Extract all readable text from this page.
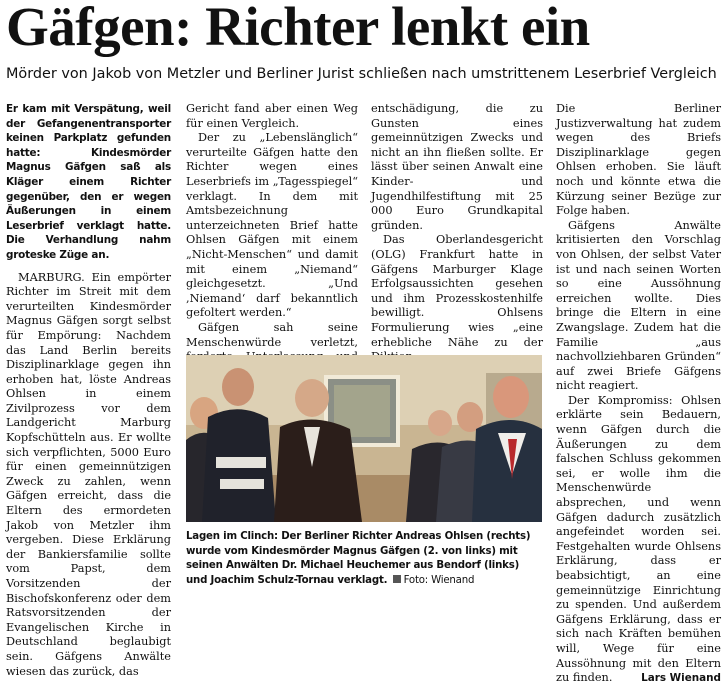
Gäfgen: Richter lenkt ein
Mörder von Jakob von Metzler und Berliner Jurist schließen nach umstrittenem Leserbrief Vergleich

Er kam mit Verspätung, weil der Gefangenentransporter keinen Parkplatz gefunden hatte: Kindesmörder Magnus Gäfgen saß als Kläger einem Richter gegenüber, den er wegen Äußerungen in einem Leserbrief verklagt hatte. Die Verhandlung nahm groteske Züge an.

MARBURG. Ein empörter Richter im Streit mit dem verurteilten Kindesmörder Magnus Gäfgen sorgt selbst für Empörung: Nachdem das Land Berlin bereits Disziplinarklage gegen ihn erhoben hat, löste Andreas Ohlsen in einem Zivilprozess vor dem Landgericht Marburg Kopfschütteln aus. Er wollte sich verpflichten, 5000 Euro für einen gemeinnützigen Zweck zu zahlen, wenn Gäfgen erreicht, dass die Eltern des ermordeten Jakob von Metzler ihm vergeben. Diese Erklärung der Bankiersfamilie sollte vom Papst, dem Vorsitzenden der Bischofskonferenz oder dem Ratsvorsitzenden der Evangelischen Kirche in Deutschland beglaubigt sein. Gäfgens Anwälte wiesen das zurück, das

Gericht fand aber einen Weg für einen Vergleich.

Der zu „Lebenslänglich“ verurteilte Gäfgen hatte den Richter wegen eines Leserbriefs im „Tagesspiegel“ verklagt. In dem mit Amtsbezeichnung unterzeichneten Brief hatte Ohlsen Gäfgen mit einem „Nicht-Menschen“ und damit mit einem „Niemand“ gleichgesetzt. „Und ,Niemand‘ darf bekanntlich gefoltert werden.“

Gäfgen sah seine Menschenwürde verletzt,

entschädigung, die zu Gunsten eines gemeinnützigen Zwecks und nicht an ihn fließen sollte. Er lässt über seinen Anwalt eine Kinder- und Jugendhilfestiftung mit 25 000 Euro Grundkapital gründen.

Das Oberlandesgericht (OLG) Frankfurt hatte in Gäfgens Marburger Klage Erfolgsaussichten gesehen und ihm Prozesskostenhilfe bewilligt. Ohlsens Formulierung wies „eine erhebliche Nähe zu der

Die Berliner Justizverwaltung hat zudem wegen des Briefs Disziplinarklage gegen Ohlsen erhoben. Sie läuft noch und könnte etwa die Kürzung seiner Bezüge zur Folge haben.

Gäfgens Anwälte kritisierten den Vorschlag von Ohlsen, der selbst Vater ist und nach seinen Worten so eine Aussöhnung erreichen wollte. Dies bringe die Eltern in eine Zwangslage. Zudem hat die Familie „aus nachvollziehbaren Gründen“ auf zwei Briefe Gäfgens nicht reagiert.

Der Kompromiss: Ohlsen erklärte sein Bedauern, wenn Gäfgen durch die Äußerungen zu dem falschen Schluss gekommen sei, er wolle ihm die Menschenwürde absprechen, und wenn Gäfgen dadurch zusätzlich angefeindet worden sei. Festgehalten wurde Ohlsens Erklärung, dass er beabsichtigt, an eine gemeinnützige Einrichtung zu spenden. Und außerdem Gäfgens Erklärung, dass er sich nach Kräften bemühen will, Wege für eine Aussöhnung mit den Eltern zu finden.	Lars Wienand

Lagen im Clinch: Der Berliner Richter Andreas Ohlsen (rechts) wurde vom Kindesmörder Magnus Gäfgen (2. von links) mit seinen Anwälten Dr. Michael Heuchemer aus Bendorf (links) und Joachim Schulz-Tornau verklagt. Foto: Wienand
